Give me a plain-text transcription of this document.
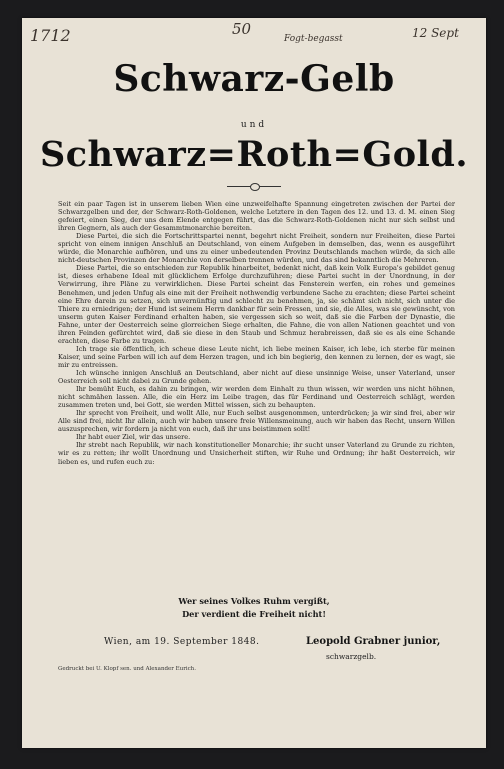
1712	50
Fogt-begasst	12 Sept
Schwarz-Gelb
und
Schwarz=Roth=Gold.

Seit ein paar Tagen ist in unserem lieben Wien eine unzweifelhafte Spannung eingetreten zwischen der Partei der Schwarzgelben und der, der Schwarz-Roth-Goldenen, welche Letztere in den Tagen des 12. und 13. d. M. einen Sieg gefeiert, einen Sieg, der uns dem Elende entgegen führt, das die Schwarz-Roth-Goldenen nicht nur sich selbst und ihren Gegnern, als auch der Gesammtmonarchie bereiten.

Diese Partei, die sich die Fortschrittspartei nennt, begehrt nicht Freiheit, sondern nur Freiheiten, diese Partei spricht von einem innigen Anschluß an Deutschland, von einem Aufgeben in demselben, das, wenn es ausgeführt würde, die Monarchie aufhören, und uns zu einer unbedeutenden Provinz Deutschlands machen würde, da sich alle nicht-deutschen Provinzen der Monarchie von derselben trennen würden, und das sind bekanntlich die Mehreren.

Diese Partei, die so entschieden zur Republik hinarbeitet, bedenkt nicht, daß kein Volk Europa's gebildet genug ist, dieses erhabene Ideal mit glücklichem Erfolge durchzuführen; diese Partei sucht in der Unordnung, in der Verwirrung, ihre Pläne zu verwirklichen. Diese Partei scheint das Fensterein werfen, ein rohes und gemeines Benehmen, und jeden Unfug als eine mit der Freiheit nothwendig verbundene Sache zu erachten; diese Partei scheint eine Ehre darein zu setzen, sich unvernünftig und schlecht zu benehmen, ja, sie schämt sich nicht, sich unter die Thiere zu erniedrigen; der Hund ist seinem Herrn dankbar für sein Fressen, und sie, die Alles, was sie gewünscht, von unserm guten Kaiser Ferdinand erhalten haben, sie vergessen sich so weit, daß sie die Farben der Dynastie, die Fahne, unter der Oesterreich seine glorreichen Siege erhalten, die Fahne, die von allen Nationen geachtet und von ihren Feinden gefürchtet wird, daß sie diese in den Staub und Schmuz herabreissen, daß sie es als eine Schande erachten, diese Farbe zu tragen.

Ich trage sie öffentlich, ich scheue diese Leute nicht, ich liebe meinen Kaiser, ich lebe, ich sterbe für meinen Kaiser, und seine Farben will ich auf dem Herzen tragen, und ich bin begierig, den kennen zu lernen, der es wagt, sie mir zu entreissen.

Ich wünsche innigen Anschluß an Deutschland, aber nicht auf diese unsinnige Weise, unser Vaterland, unser Oesterreich soll nicht dabei zu Grunde gehen.

Ihr bemüht Euch, es dahin zu bringen, wir werden dem Einhalt zu thun wissen, wir werden uns nicht höhnen, nicht schmähen lassen. Alle, die ein Herz im Leibe tragen, das für Ferdinand und Oesterreich schlägt, werden zusammen treten und, bei Gott, sie werden Mittel wissen, sich zu behaupten.

Ihr sprecht von Freiheit, und wollt Alle, nur Euch selbst ausgenommen, unterdrücken; ja wir sind frei, aber wir Alle sind frei, nicht Ihr allein, auch wir haben unsere freie Willensmeinung, auch wir haben das Recht, unsern Willen auszusprechen, wir fordern ja nicht von euch, daß ihr uns beistimmen sollt!

Ihr habt euer Ziel, wir das unsere.

Ihr strebt nach Republik, wir nach konstitutioneller Monarchie; ihr sucht unser Vaterland zu Grunde zu richten, wir es zu retten; ihr wollt Unordnung und Unsicherheit stiften, wir Ruhe und Ordnung; ihr haßt Oesterreich, wir lieben es, und rufen euch zu:

Wer seines Volkes Ruhm vergißt,
Der verdient die Freiheit nicht!
Wien, am 19. September 1848.	Leopold Grabner junior,
schwarzgelb.
Gedruckt bei U. Klopf sen. und Alexander Eurich.
